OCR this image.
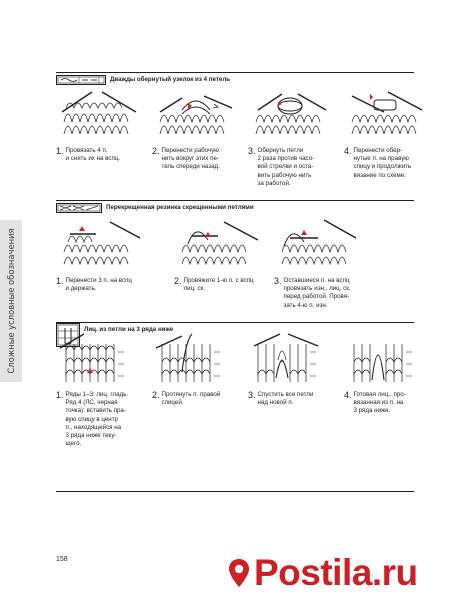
Сложные условные обозначения
Дважды обернутый узелок из 4 петель
1. Провязать 4 п.
и снять их на вспц.
2. Перенести рабочую
нить вокруг этих пе-
тель спереди назад.
3. Обернуть петли
2 раза против часо-
вой стрелки и оста-
вить рабочую нить
за работой.
4. Перенести обер-
нутые п. на правую
спицу и продолжить
вязание по схеме.
Перекрещенная резинка скрещенными петлями
1. Перенести 3 п. на вспц
и держать.
2. Провяжите 1-ю п. с вспц
лиц. ск.
3. Оставшиеся п. на вспц
провязать изн., лиц. ск.
перед работой. Провя-
зать 4-ю п. изн.
Лиц. из петли на 3 ряда ниже
1. Ряды 1–3: лиц. гладь.
Ряд 4 (ЛС, черная
точка): вставить пра-
вую спицу в центр
п., находящейся на
3 ряда ниже теку-
щего.
2. Протянуть п. правой
спицей.
3. Спустить все петли
над новой п.
4. Готовая лиц., про-
вязанная из п. на
3 ряда ниже.
158	Postila.ru
